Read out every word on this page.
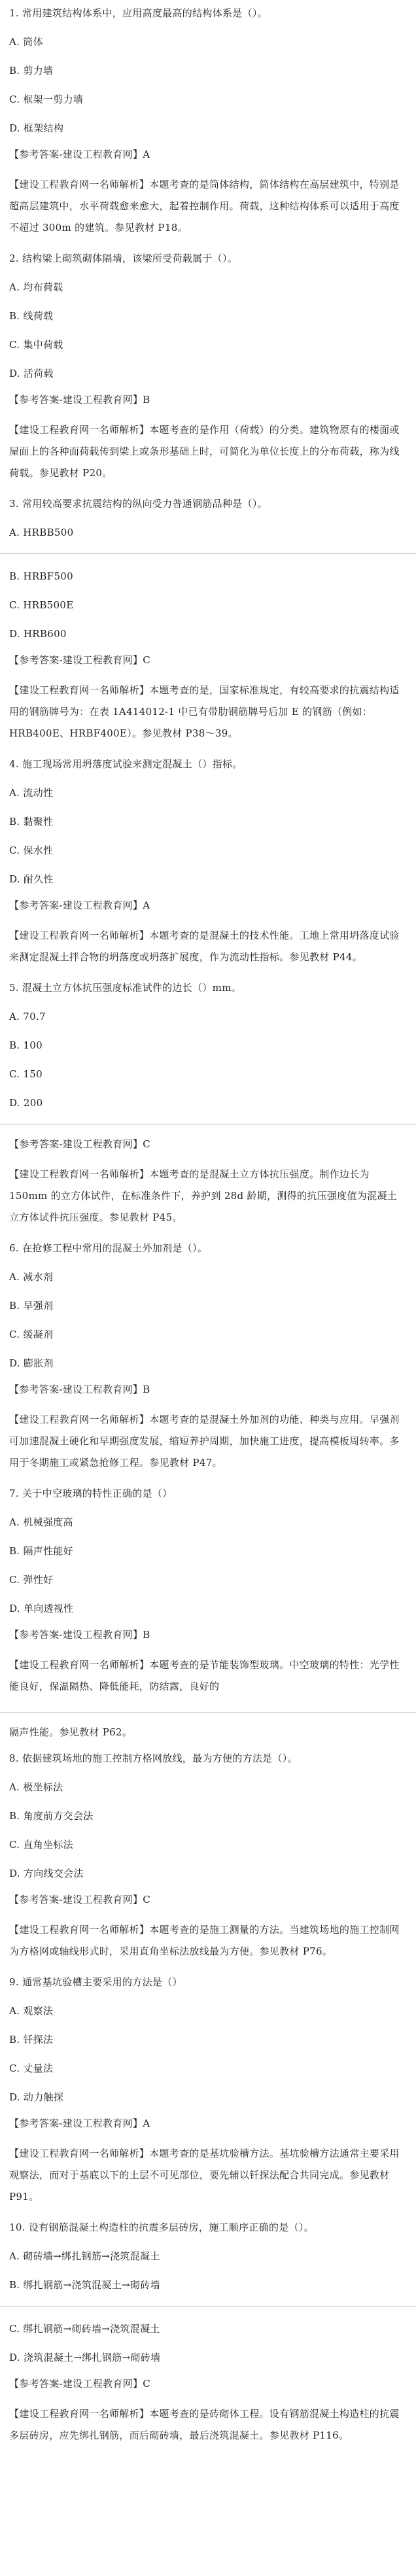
1. 常用建筑结构体系中，应用高度最高的结构体系是（）。

A. 筒体

B. 剪力墙

C. 框架一剪力墙

D. 框架结构

【参考答案-建设工程教育网】A

【建设工程教育网一名师解析】本题考查的是筒体结构，筒体结构在高层建筑中，特别是超高层建筑中，水平荷载愈来愈大，起着控制作用。荷载，这种结构体系可以适用于高度不超过 300m 的建筑。参见教材 P18。

2. 结构梁上砌筑砌体隔墙，该梁所受荷载属于（）。

A. 均布荷载

B. 线荷载

C. 集中荷载

D. 活荷载

【参考答案-建设工程教育网】B

【建设工程教育网一名师解析】本题考查的是作用（荷载）的分类。建筑物原有的楼面或屋面上的各种面荷载传到梁上或条形基础上时，可简化为单位长度上的分布荷载，称为线荷载。参见教材 P20。

3. 常用较高要求抗震结构的纵向受力普通钢筋品种是（）。

A. HRBB500

B. HRBF500

C. HRB500E

D. HRB600

【参考答案-建设工程教育网】C

【建设工程教育网一名师解析】本题考查的是，国家标准规定，有较高要求的抗震结构适用的钢筋牌号为：在表 1A414012-1 中已有带肋钢筋牌号后加 E 的钢筋（例如：HRB400E、HRBF400E）。参见教材 P38～39。

4. 施工现场常用坍落度试验来测定混凝土（）指标。

A. 流动性

B. 黏聚性

C. 保水性

D. 耐久性

【参考答案-建设工程教育网】A

【建设工程教育网一名师解析】本题考查的是混凝土的技术性能。工地上常用坍落度试验来测定混凝土拌合物的坍落度或坍落扩展度，作为流动性指标。参见教材 P44。

5. 混凝土立方体抗压强度标准试件的边长（）mm。

A. 70.7

B. 100

C. 150

D. 200

【参考答案-建设工程教育网】C

【建设工程教育网一名师解析】本题考查的是混凝土立方体抗压强度。制作边长为 150mm 的立方体试件，在标准条件下，养护到 28d 龄期，测得的抗压强度值为混凝土立方体试件抗压强度。参见教材 P45。

6. 在抢修工程中常用的混凝土外加剂是（）。

A. 减水剂

B. 早强剂

C. 缓凝剂

D. 膨胀剂

【参考答案-建设工程教育网】B

【建设工程教育网一名师解析】本题考查的是混凝土外加剂的功能、种类与应用。早强剂可加速混凝土硬化和早期强度发展，缩短养护周期，加快施工进度，提高模板周转率。多用于冬期施工或紧急抢修工程。参见教材 P47。

7. 关于中空玻璃的特性正确的是（）

A. 机械强度高

B. 隔声性能好

C. 弹性好

D. 单向透视性

【参考答案-建设工程教育网】B

【建设工程教育网一名师解析】本题考查的是节能装饰型玻璃。中空玻璃的特性：光学性能良好，保温隔热、降低能耗，防结露，良好的

隔声性能。参见教材 P62。

8. 依据建筑场地的施工控制方格网放线，最为方便的方法是（）。

A. 极坐标法

B. 角度前方交会法

C. 直角坐标法

D. 方向线交会法

【参考答案-建设工程教育网】C

【建设工程教育网一名师解析】本题考查的是施工测量的方法。当建筑场地的施工控制网为方格网或轴线形式时，采用直角坐标法放线最为方便。参见教材 P76。

9. 通常基坑验槽主要采用的方法是（）

A. 观察法

B. 钎探法

C. 丈量法

D. 动力触探

【参考答案-建设工程教育网】A

【建设工程教育网一名师解析】本题考查的是基坑验槽方法。基坑验槽方法通常主要采用观察法，而对于基底以下的土层不可见部位，要先辅以钎探法配合共同完成。参见教材 P91。

10. 设有钢筋混凝土构造柱的抗震多层砖房，施工顺序正确的是（）。

A. 砌砖墙→绑扎钢筋→浇筑混凝土

B. 绑扎钢筋→浇筑混凝土→砌砖墙

C. 绑扎钢筋→砌砖墙→浇筑混凝土

D. 浇筑混凝土→绑扎钢筋→砌砖墙

【参考答案-建设工程教育网】C

【建设工程教育网一名师解析】本题考查的是砖砌体工程。设有钢筋混凝土构造柱的抗震多层砖房，应先绑扎钢筋，而后砌砖墙，最后浇筑混凝土。参见教材 P116。
